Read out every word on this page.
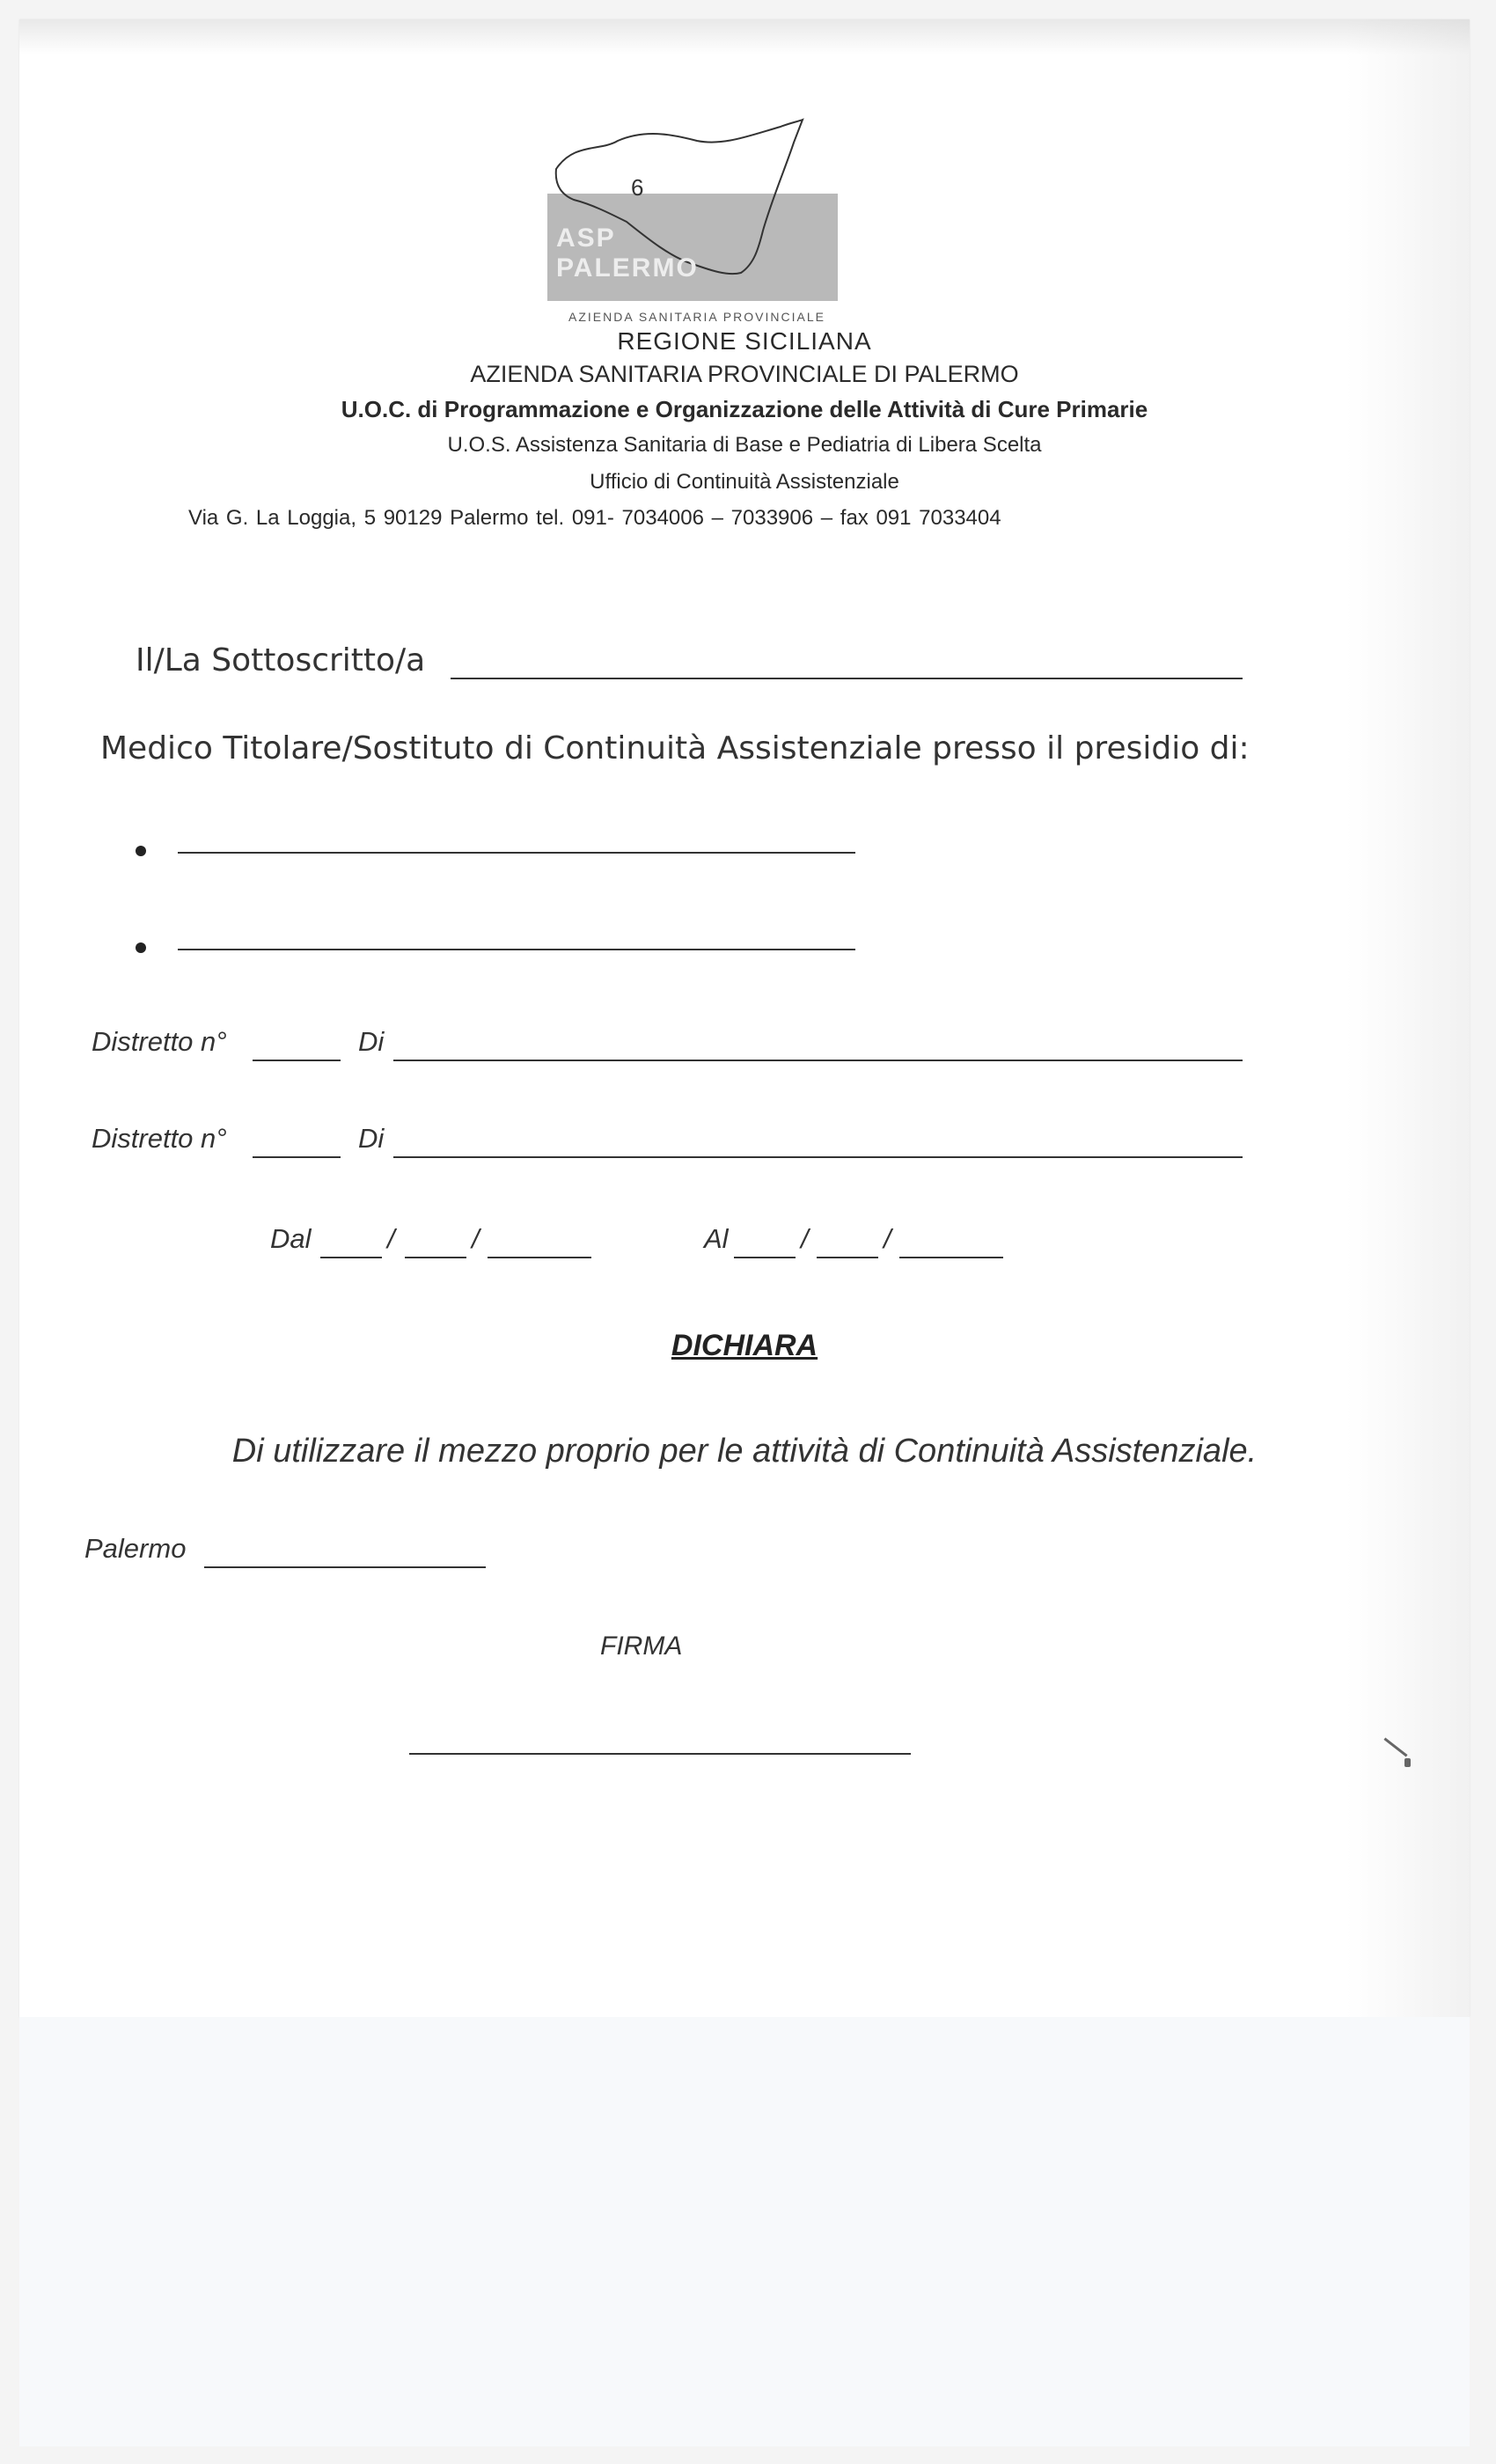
6
ASP PALERMO
AZIENDA SANITARIA PROVINCIALE
REGIONE SICILIANA
AZIENDA SANITARIA PROVINCIALE DI PALERMO
U.O.C. di Programmazione e Organizzazione delle Attività di Cure Primarie
U.O.S. Assistenza Sanitaria di Base e Pediatria di Libera Scelta
Ufficio di Continuità Assistenziale
Via G. La Loggia, 5 90129 Palermo tel. 091- 7034006 – 7033906 – fax 091 7033404
Il/La Sottoscritto/a
Medico Titolare/Sostituto di Continuità Assistenziale presso il presidio di:
Distretto n°	Di
Distretto n°	Di
Dal	/	/	Al	/	/
DICHIARA
Di utilizzare il mezzo proprio per le attività di Continuità Assistenziale.
Palermo
FIRMA
